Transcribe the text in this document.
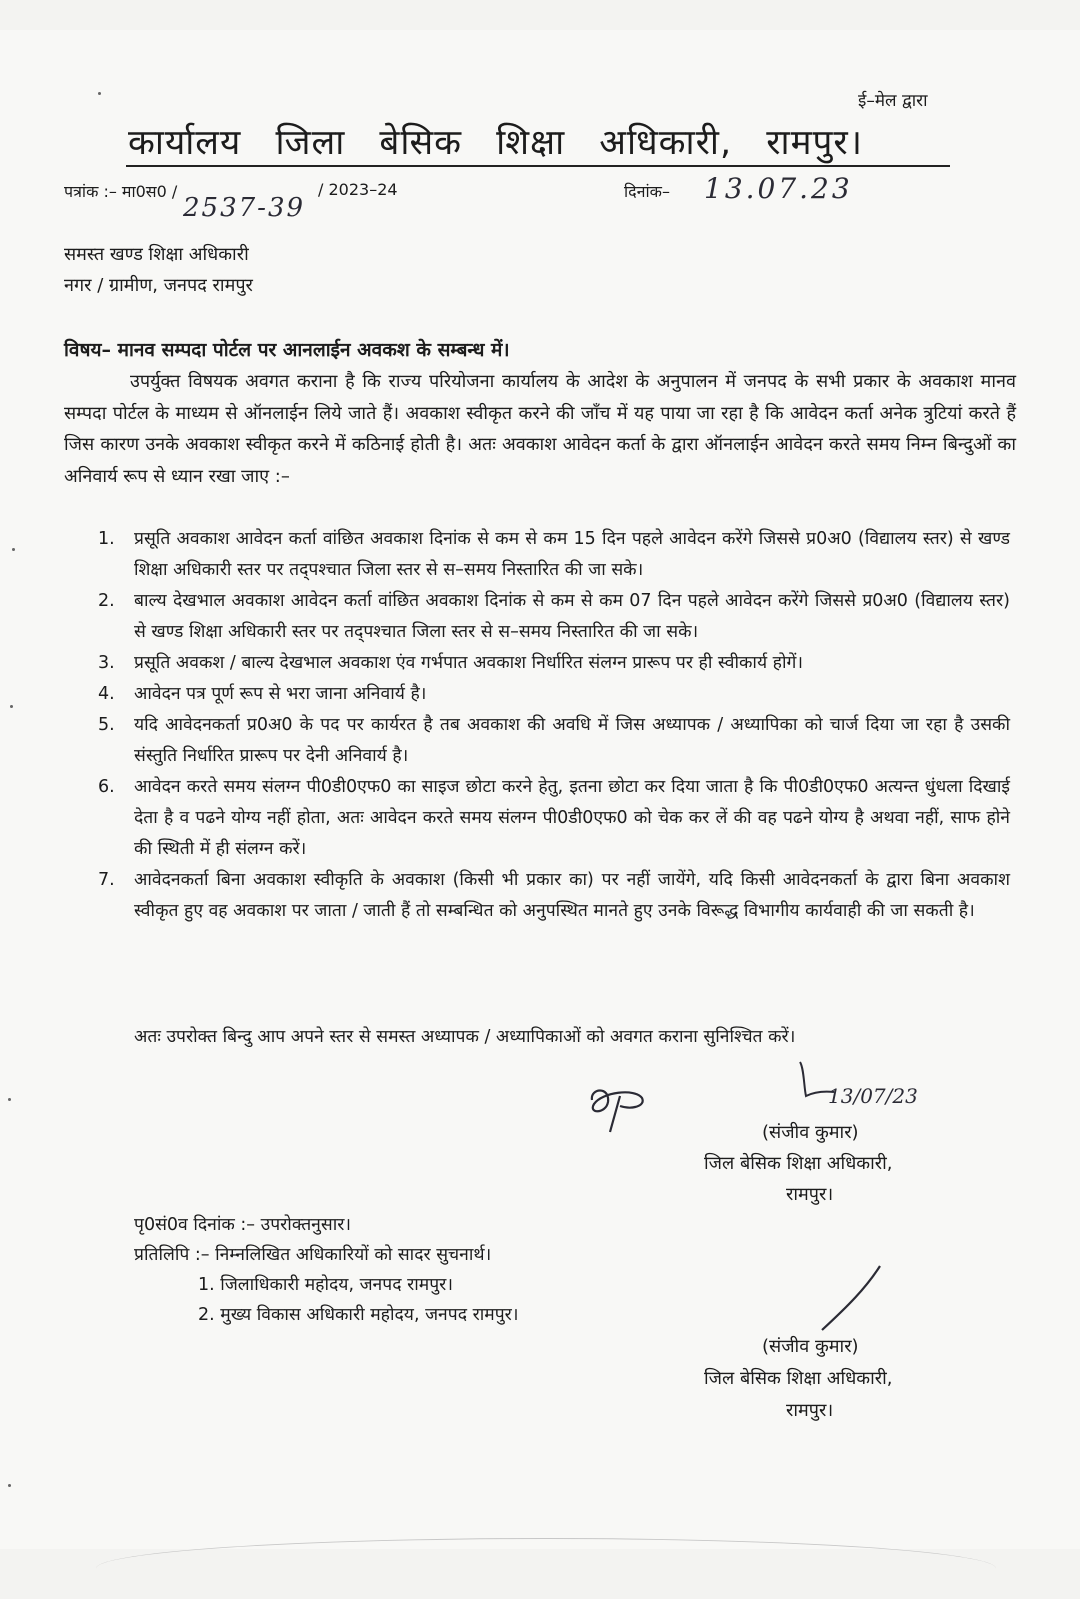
ई–मेल द्वारा
कार्यालय जिला बेसिक शिक्षा अधिकारी, रामपुर।
पत्रांक :– मा0स0 /	/ 2023–24
2537-39
दिनांक– 13.07.23
समस्त खण्ड शिक्षा अधिकारी
नगर / ग्रामीण, जनपद रामपुर
विषय– मानव सम्पदा पोर्टल पर आनलाईन अवकश के सम्बन्ध में।

उपर्युक्त विषयक अवगत कराना है कि राज्य परियोजना कार्यालय के आदेश के अनुपालन में जनपद के सभी प्रकार के अवकाश मानव सम्पदा पोर्टल के माध्यम से ऑनलाईन लिये जाते हैं। अवकाश स्वीकृत करने की जाँच में यह पाया जा रहा है कि आवेदन कर्ता अनेक त्रुटियां करते हैं जिस कारण उनके अवकाश स्वीकृत करने में कठिनाई होती है। अतः अवकाश आवेदन कर्ता के द्वारा ऑनलाईन आवेदन करते समय निम्न बिन्दुओं का अनिवार्य रूप से ध्यान रखा जाए :–

1. प्रसूति अवकाश आवेदन कर्ता वांछित अवकाश दिनांक से कम से कम 15 दिन पहले आवेदन करेंगे जिससे प्र0अ0 (विद्यालय स्तर) से खण्ड शिक्षा अधिकारी स्तर पर तद्पश्चात जिला स्तर से स–समय निस्तारित की जा सके।
2. बाल्य देखभाल अवकाश आवेदन कर्ता वांछित अवकाश दिनांक से कम से कम 07 दिन पहले आवेदन करेंगे जिससे प्र0अ0 (विद्यालय स्तर) से खण्ड शिक्षा अधिकारी स्तर पर तद्पश्चात जिला स्तर से स–समय निस्तारित की जा सके।
3. प्रसूति अवकश / बाल्य देखभाल अवकाश एंव गर्भपात अवकाश निर्धारित संलग्न प्रारूप पर ही स्वीकार्य होगें।
4. आवेदन पत्र पूर्ण रूप से भरा जाना अनिवार्य है।
5. यदि आवेदनकर्ता प्र0अ0 के पद पर कार्यरत है तब अवकाश की अवधि में जिस अध्यापक / अध्यापिका को चार्ज दिया जा रहा है उसकी संस्तुति निर्धारित प्रारूप पर देनी अनिवार्य है।
6. आवेदन करते समय संलग्न पी0डी0एफ0 का साइज छोटा करने हेतु, इतना छोटा कर दिया जाता है कि पी0डी0एफ0 अत्यन्त धुंधला दिखाई देता है व पढने योग्य नहीं होता, अतः आवेदन करते समय संलग्न पी0डी0एफ0 को चेक कर लें की वह पढने योग्य है अथवा नहीं, साफ होने की स्थिती में ही संलग्न करें।
7. आवेदनकर्ता बिना अवकाश स्वीकृति के अवकाश (किसी भी प्रकार का) पर नहीं जायेंगे, यदि किसी आवेदनकर्ता के द्वारा बिना अवकाश स्वीकृत हुए वह अवकाश पर जाता / जाती हैं तो सम्बन्धित को अनुपस्थित मानते हुए उनके विरूद्ध विभागीय कार्यवाही की जा सकती है।
अतः उपरोक्त बिन्दु आप अपने स्तर से समस्त अध्यापक / अध्यापिकाओं को अवगत कराना सुनिश्चित करें।
13/07/23
(संजीव कुमार)
जिल बेसिक शिक्षा अधिकारी,
रामपुर।
पृ0सं0व दिनांक :– उपरोक्तनुसार।
प्रतिलिपि :– निम्नलिखित अधिकारियों को सादर सुचनार्थ।
1. जिलाधिकारी महोदय, जनपद रामपुर।
2. मुख्य विकास अधिकारी महोदय, जनपद रामपुर।
(संजीव कुमार)
जिल बेसिक शिक्षा अधिकारी,
रामपुर।
